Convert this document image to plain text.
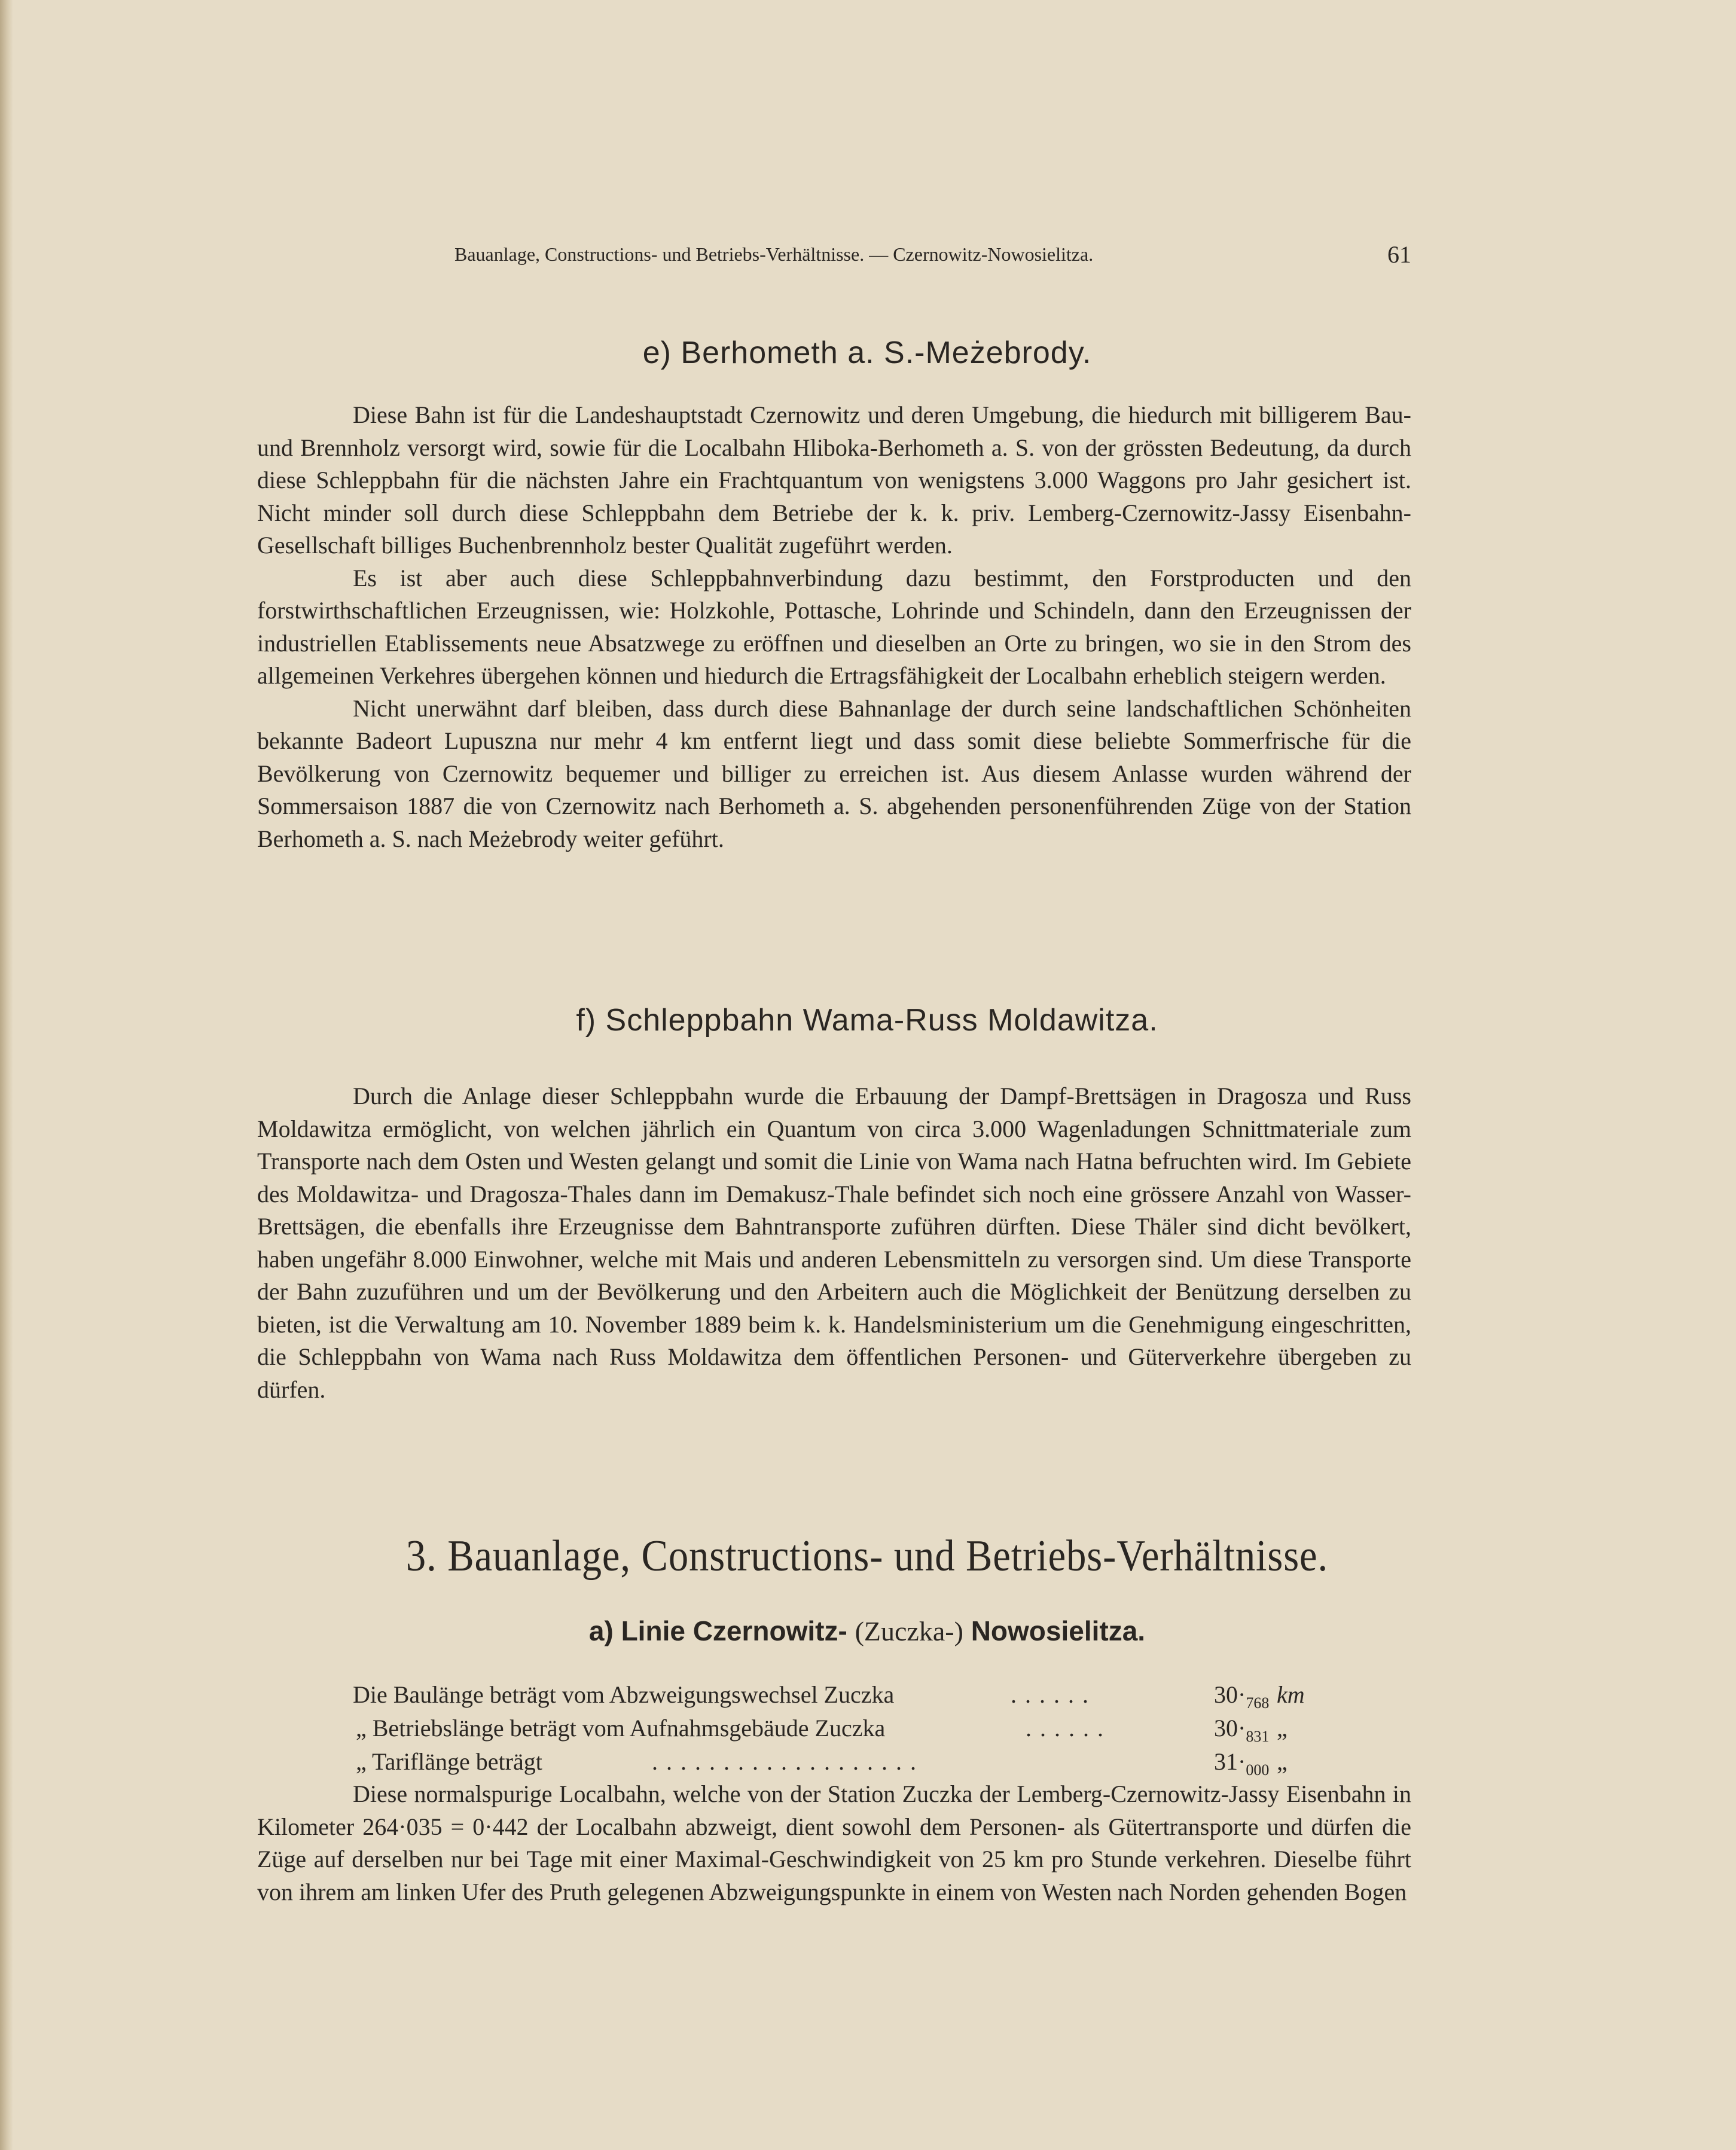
Bauanlage, Constructions- und Betriebs-Verhältnisse. — Czernowitz-Nowosielitza.	61
e) Berhometh a. S.-Meżebrody.

Diese Bahn ist für die Landeshauptstadt Czernowitz und deren Umgebung, die hiedurch mit billigerem Bau- und Brennholz versorgt wird, sowie für die Localbahn Hliboka-Berhometh a. S. von der grössten Bedeutung, da durch diese Schleppbahn für die nächsten Jahre ein Frachtquantum von wenigstens 3.000 Waggons pro Jahr gesichert ist. Nicht minder soll durch diese Schleppbahn dem Betriebe der k. k. priv. Lemberg-Czernowitz-Jassy Eisenbahn-Gesellschaft billiges Buchenbrennholz bester Qualität zugeführt werden.

Es ist aber auch diese Schleppbahnverbindung dazu bestimmt, den Forstproducten und den forstwirthschaftlichen Erzeugnissen, wie: Holzkohle, Pottasche, Lohrinde und Schindeln, dann den Erzeugnissen der industriellen Etablissements neue Absatzwege zu eröffnen und dieselben an Orte zu bringen, wo sie in den Strom des allgemeinen Verkehres übergehen können und hiedurch die Ertragsfähigkeit der Localbahn erheblich steigern werden.

Nicht unerwähnt darf bleiben, dass durch diese Bahnanlage der durch seine landschaftlichen Schönheiten bekannte Badeort Lupuszna nur mehr 4 km entfernt liegt und dass somit diese beliebte Sommerfrische für die Bevölkerung von Czernowitz bequemer und billiger zu erreichen ist. Aus diesem Anlasse wurden während der Sommersaison 1887 die von Czernowitz nach Berhometh a. S. abgehenden personenführenden Züge von der Station Berhometh a. S. nach Meżebrody weiter geführt.

f) Schleppbahn Wama-Russ Moldawitza.

Durch die Anlage dieser Schleppbahn wurde die Erbauung der Dampf-Brettsägen in Dragosza und Russ Moldawitza ermöglicht, von welchen jährlich ein Quantum von circa 3.000 Wagenladungen Schnittmateriale zum Transporte nach dem Osten und Westen gelangt und somit die Linie von Wama nach Hatna befruchten wird. Im Gebiete des Moldawitza- und Dragosza-Thales dann im Demakusz-Thale befindet sich noch eine grössere Anzahl von Wasser-Brettsägen, die ebenfalls ihre Erzeugnisse dem Bahntransporte zuführen dürften. Diese Thäler sind dicht bevölkert, haben ungefähr 8.000 Einwohner, welche mit Mais und anderen Lebensmitteln zu versorgen sind. Um diese Transporte der Bahn zuzuführen und um der Bevölkerung und den Arbeitern auch die Möglichkeit der Benützung derselben zu bieten, ist die Verwaltung am 10. November 1889 beim k. k. Handelsministerium um die Genehmigung eingeschritten, die Schleppbahn von Wama nach Russ Moldawitza dem öffentlichen Personen- und Güterverkehre übergeben zu dürfen.

3. Bauanlage, Constructions- und Betriebs-Verhältnisse.
a) Linie Czernowitz- (Zuczka-) Nowosielitza.
Die Baulänge beträgt vom Abzweigungswechsel Zuczka	......	$30\cdot_{768}$ km
„ Betriebslänge beträgt vom Aufnahmsgebäude Zuczka	......	$30\cdot_{831}$ „
„ Tariflänge beträgt	...................	$31\cdot_{000}$ „

Diese normalspurige Localbahn, welche von der Station Zuczka der Lemberg-Czernowitz-Jassy Eisenbahn in Kilometer 264·035 = 0·442 der Localbahn abzweigt, dient sowohl dem Personen- als Gütertransporte und dürfen die Züge auf derselben nur bei Tage mit einer Maximal-Geschwindigkeit von 25 km pro Stunde verkehren. Dieselbe führt von ihrem am linken Ufer des Pruth gelegenen Abzweigungspunkte in einem von Westen nach Norden gehenden Bogen
